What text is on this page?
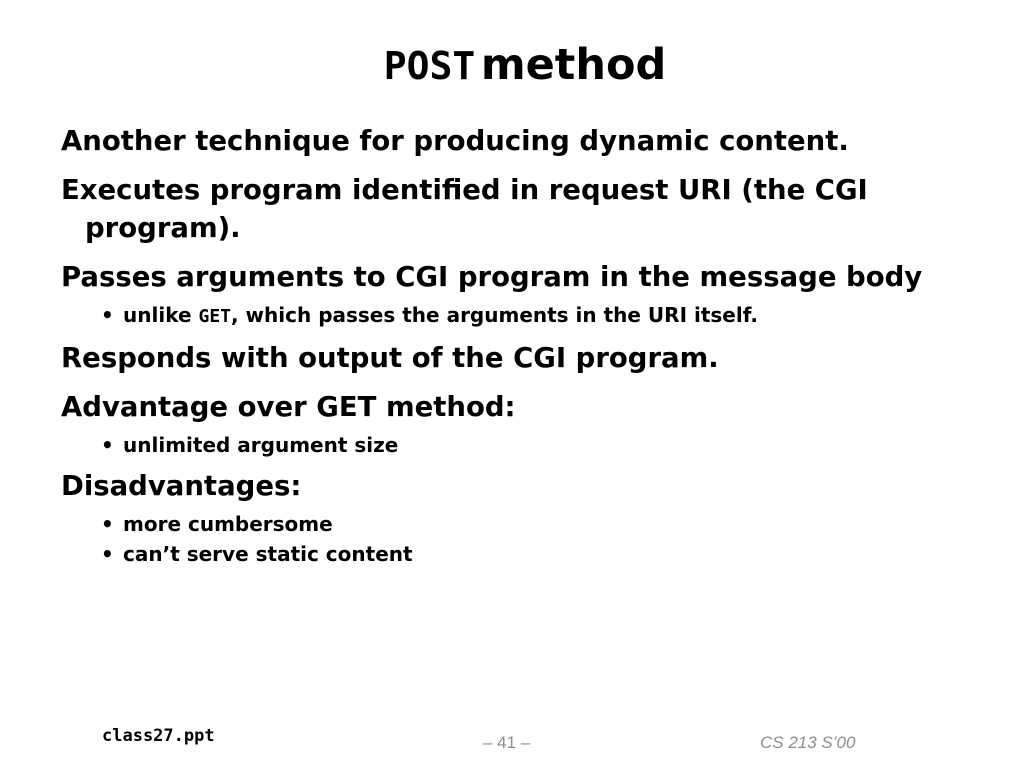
POST method
Another technique for producing dynamic content.
Executes program identified in request URI (the CGI program).
Passes arguments to CGI program in the message body
• unlike GET, which passes the arguments in the URI itself.
Responds with output of the CGI program.
Advantage over GET method:
• unlimited argument size
Disadvantages:
• more cumbersome
• can’t serve static content
class27.ppt	– 41 –	CS 213 S’00
